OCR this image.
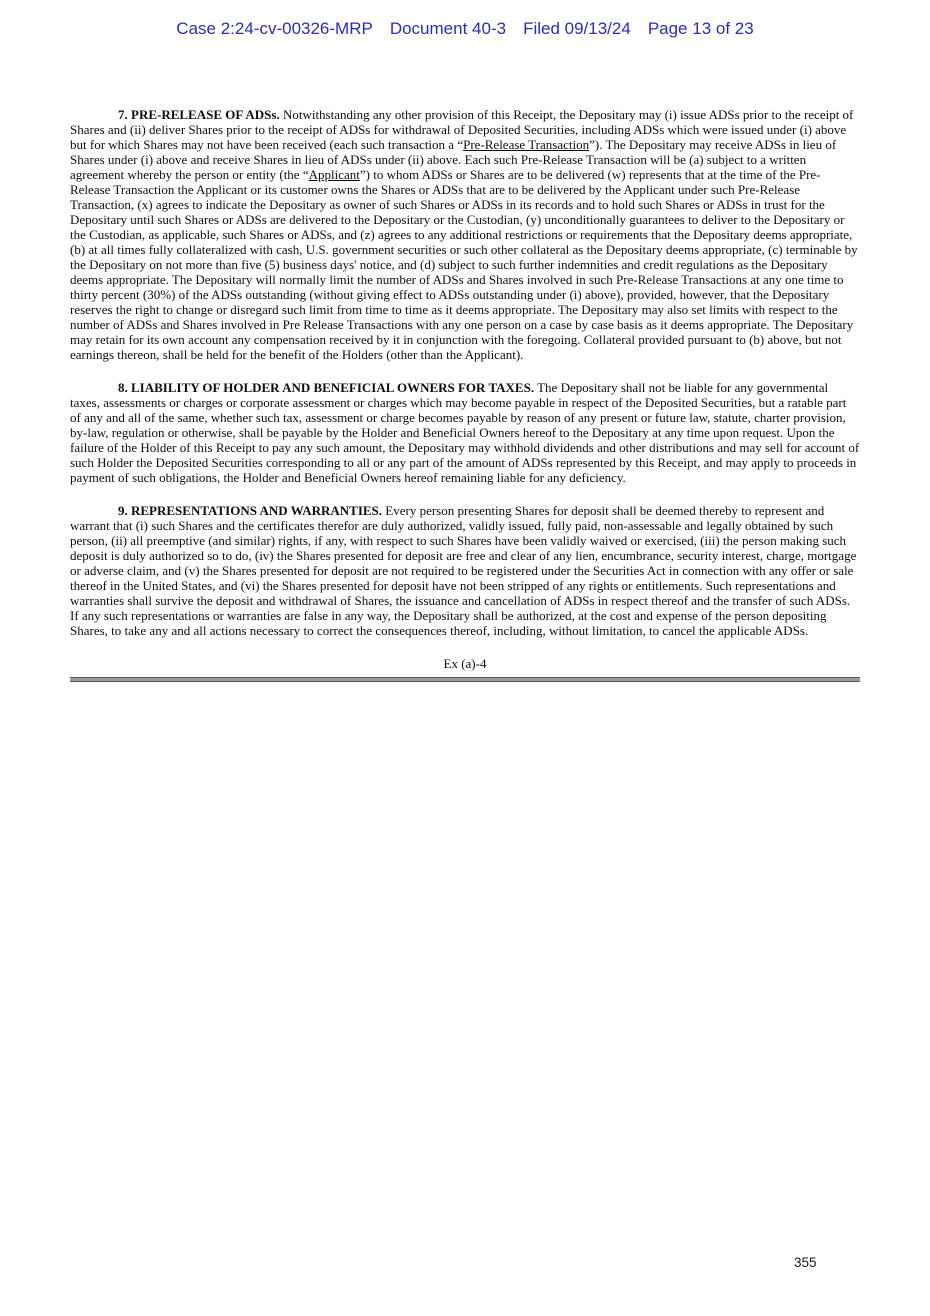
Case 2:24-cv-00326-MRP Document 40-3 Filed 09/13/24 Page 13 of 23

7. PRE-RELEASE OF ADSs. Notwithstanding any other provision of this Receipt, the Depositary may (i) issue ADSs prior to the receipt of Shares and (ii) deliver Shares prior to the receipt of ADSs for withdrawal of Deposited Securities, including ADSs which were issued under (i) above but for which Shares may not have been received (each such transaction a “Pre-Release Transaction”). The Depositary may receive ADSs in lieu of Shares under (i) above and receive Shares in lieu of ADSs under (ii) above. Each such Pre-Release Transaction will be (a) subject to a written agreement whereby the person or entity (the “Applicant”) to whom ADSs or Shares are to be delivered (w) represents that at the time of the Pre-Release Transaction the Applicant or its customer owns the Shares or ADSs that are to be delivered by the Applicant under such Pre-Release Transaction, (x) agrees to indicate the Depositary as owner of such Shares or ADSs in its records and to hold such Shares or ADSs in trust for the Depositary until such Shares or ADSs are delivered to the Depositary or the Custodian, (y) unconditionally guarantees to deliver to the Depositary or the Custodian, as applicable, such Shares or ADSs, and (z) agrees to any additional restrictions or requirements that the Depositary deems appropriate, (b) at all times fully collateralized with cash, U.S. government securities or such other collateral as the Depositary deems appropriate, (c) terminable by the Depositary on not more than five (5) business days' notice, and (d) subject to such further indemnities and credit regulations as the Depositary deems appropriate. The Depositary will normally limit the number of ADSs and Shares involved in such Pre-Release Transactions at any one time to thirty percent (30%) of the ADSs outstanding (without giving effect to ADSs outstanding under (i) above), provided, however, that the Depositary reserves the right to change or disregard such limit from time to time as it deems appropriate. The Depositary may also set limits with respect to the number of ADSs and Shares involved in Pre Release Transactions with any one person on a case by case basis as it deems appropriate. The Depositary may retain for its own account any compensation received by it in conjunction with the foregoing. Collateral provided pursuant to (b) above, but not earnings thereon, shall be held for the benefit of the Holders (other than the Applicant).

8. LIABILITY OF HOLDER AND BENEFICIAL OWNERS FOR TAXES. The Depositary shall not be liable for any governmental taxes, assessments or charges or corporate assessment or charges which may become payable in respect of the Deposited Securities, but a ratable part of any and all of the same, whether such tax, assessment or charge becomes payable by reason of any present or future law, statute, charter provision, by-law, regulation or otherwise, shall be payable by the Holder and Beneficial Owners hereof to the Depositary at any time upon request. Upon the failure of the Holder of this Receipt to pay any such amount, the Depositary may withhold dividends and other distributions and may sell for account of such Holder the Deposited Securities corresponding to all or any part of the amount of ADSs represented by this Receipt, and may apply to proceeds in payment of such obligations, the Holder and Beneficial Owners hereof remaining liable for any deficiency.

9. REPRESENTATIONS AND WARRANTIES. Every person presenting Shares for deposit shall be deemed thereby to represent and warrant that (i) such Shares and the certificates therefor are duly authorized, validly issued, fully paid, non-assessable and legally obtained by such person, (ii) all preemptive (and similar) rights, if any, with respect to such Shares have been validly waived or exercised, (iii) the person making such deposit is duly authorized so to do, (iv) the Shares presented for deposit are free and clear of any lien, encumbrance, security interest, charge, mortgage or adverse claim, and (v) the Shares presented for deposit are not required to be registered under the Securities Act in connection with any offer or sale thereof in the United States, and (vi) the Shares presented for deposit have not been stripped of any rights or entitlements. Such representations and warranties shall survive the deposit and withdrawal of Shares, the issuance and cancellation of ADSs in respect thereof and the transfer of such ADSs. If any such representations or warranties are false in any way, the Depositary shall be authorized, at the cost and expense of the person depositing Shares, to take any and all actions necessary to correct the consequences thereof, including, without limitation, to cancel the applicable ADSs.

Ex (a)-4
355
